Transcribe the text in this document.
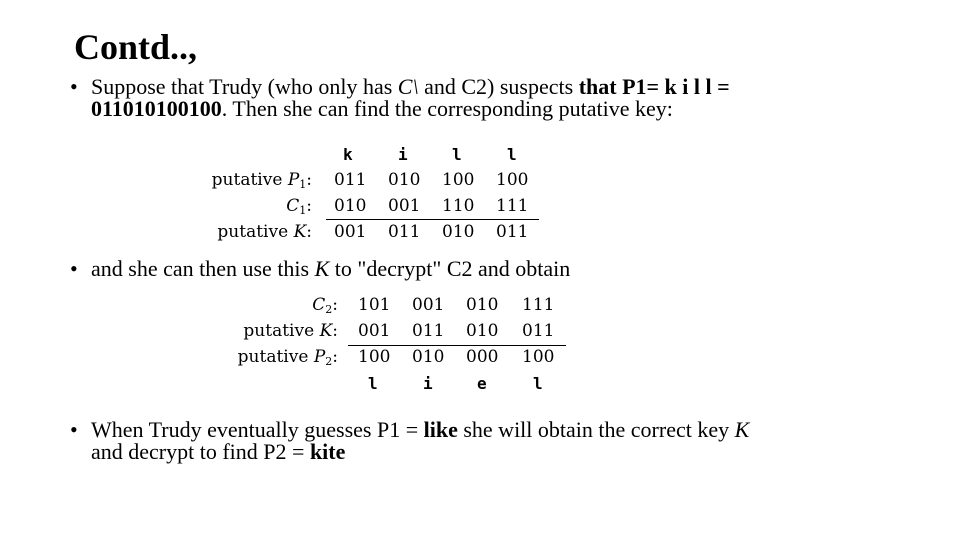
Contd..,
• Suppose that Trudy (who only has C\ and C2) suspects that P1= k i l l =
011010100100. Then she can find the corresponding putative key:
k	i	l	l
putative $P_1$: 011 010 100 100
$C_1$: 010 001 110 111
putative K: 001 011 010 011
• and she can then use this K to "decrypt" C2 and obtain
$C_2$: 101 001 010 111
putative K: 001 011 010 011
putative $P_2$: 100 010 000 100
l	i	e	l
• When Trudy eventually guesses P1 = like she will obtain the correct key K
and decrypt to find P2 = kite
